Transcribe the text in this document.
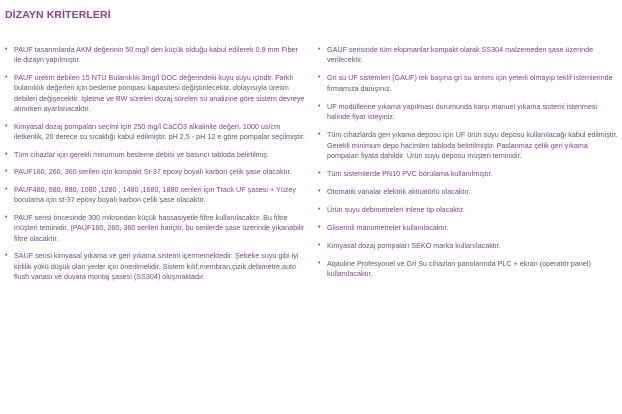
DİZAYN KRİTERLERİ
• PAUF tasarımlarda AKM değerinin 50 mg/l den küçük olduğu kabul edilerek 0.9 mm Fiber ile dizayn yapılmıştır.
• PAUF üretim debileri 15 NTU Bulanıklık 3mg/l DOC değerindeki kuyu suyu içindir. Farklı bulanıklık değerleri için besleme pompası kapasitesi değiştirilecektir, dolayısıyla üretim debileri değişecektir. İşletme ve BW süreleri dozaj süreleri su analizine göre sistem devreye alınırken ayarlanacaktır.
• Kimyasal dozaj pompaları seçimi için 250 mg/l CaCO3 alkalinite değeri, 1000 us/cm iletkenlik, 20 derece su sıcaklığı kabul edilmiştir. pH 2,5 - pH 12 e göre pompalar seçilmiştir.
• Tüm cihazlar için gerekli minumum besleme debisi ve basıncı tabloda belirtilmiş.
• PAUF160, 260, 360 serileri için kompakt St-37 epoxy boyalı karbon çelik şase olacaktır.
• PAUF480, 680, 880, 1080 ,1280 , 1480 ,1680, 1880 serileri için Track UF şasesi + Yüzey borulama için st-37 epoxy boyalı karbon çelik şase olacaktır.
• PAUF serisi öncesinde 300 mikrondan küçük hassasiyetle filtre kullanılacaktır. Bu filtre müşteri teminidir. (PAUF160, 260, 360 serileri hariçtir, bu serilerde şase üzerinde yıkanabilir filtre olacaktır.
• SAUF serisi kimyasal yıkama ve geri yıkama sistemi içermemektedir. Şebeke suyu gibi iyi kirlilik yükü düşük olan yerler için önerilmelidir. Sistem kılıf,membran,çizik debimetre,auto flush vanası ve duvara montaj şasesi (SS304) oluşmaktadır.
• GAUF serisinde tüm ekipmanlar kompakt olarak SS304 malzemeden şase üzerinde verilecektir.
• Gri su UF sistemleri (GAUF) tek başına gri su arıtımı için yeterli olmayıp teklif istemlerinde firmamıza danışınız.
• UF modüllerine yıkama yapılması durumunda karşı manuel yıkama sistemi istenmesi halinde fiyat isteyiniz.
• Tüm cihazlarda geri yıkama deposu için UF ürün suyu deposu kullanılacağı kabul edilmiştir. Gerekli minimum depo hacimleri tabloda belirtilmiştir. Paslanmaz çelik geri yıkama pompaları fiyata dahildir. Ürün suyu deposu müşteri teminidir.
• Tüm sistemlerde PN10 PVC borulama kullanılmıştır.
• Otomatik vanalar elektrik aktüatörlü olacaktır.
• Ürün suyu debimetreleri inlene tip olacaktır.
• Gliserinli manometreler kullanılacaktır.
• Kimyasal dozaj pompaları SEKO marka kullanılacaktır.
• Aqauline Profesyonel ve Gri Su cihazları panolarında PLC + ekran (operatör panel) kullanılacaktır.
